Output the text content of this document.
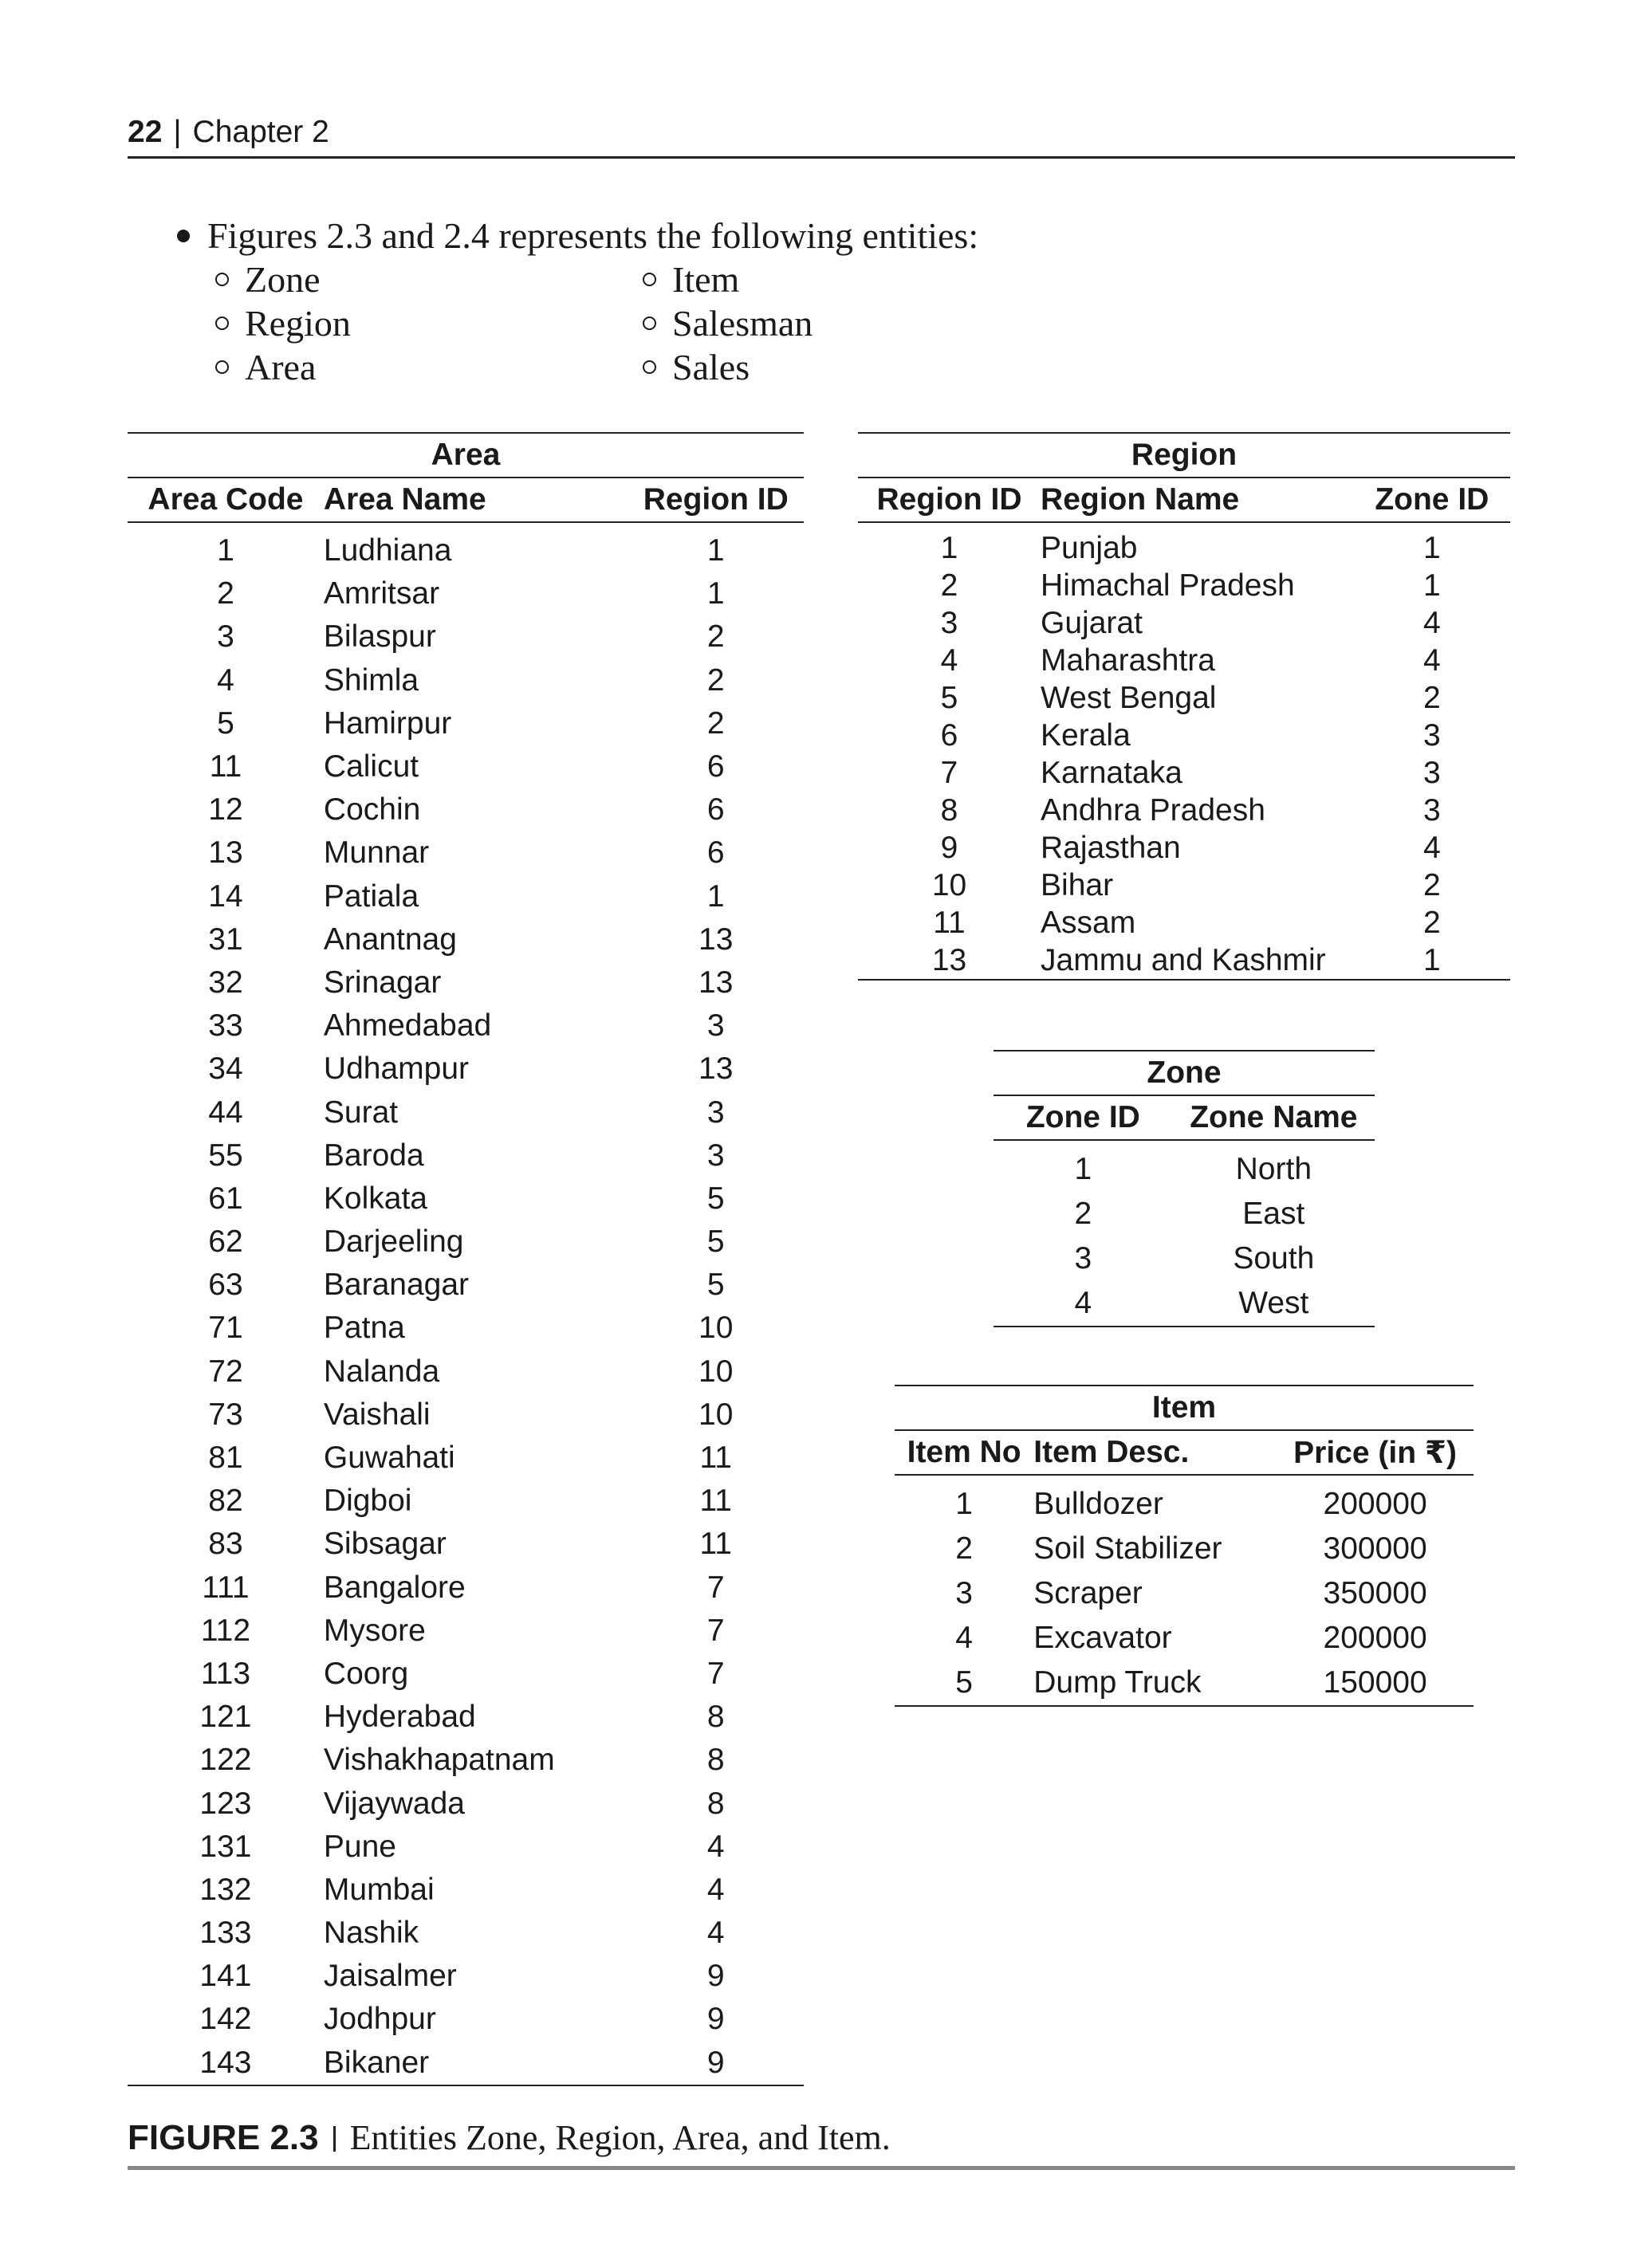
22 | Chapter 2
Figures 2.3 and 2.4 represents the following entities:
Zone	Item
Region	Salesman
Area	Sales
Area		
Area Code	Area Name	Region ID
1	Ludhiana	1
2	Amritsar	1
3	Bilaspur	2
4	Shimla	2
5	Hamirpur	2
11	Calicut	6
12	Cochin	6
13	Munnar	6
14	Patiala	1
31	Anantnag	13
32	Srinagar	13
33	Ahmedabad	3
34	Udhampur	13
44	Surat	3
55	Baroda	3
61	Kolkata	5
62	Darjeeling	5
63	Baranagar	5
71	Patna	10
72	Nalanda	10
73	Vaishali	10
81	Guwahati	11
82	Digboi	11
83	Sibsagar	11
111	Bangalore	7
112	Mysore	7
113	Coorg	7
121	Hyderabad	8
122	Vishakhapatnam	8
123	Vijaywada	8
131	Pune	4
132	Mumbai	4
133	Nashik	4
141	Jaisalmer	9
142	Jodhpur	9
143	Bikaner	9
Region		
Region ID	Region Name	Zone ID
1	Punjab	1
2	Himachal Pradesh	1
3	Gujarat	4
4	Maharashtra	4
5	West Bengal	2
6	Kerala	3
7	Karnataka	3
8	Andhra Pradesh	3
9	Rajasthan	4
10	Bihar	2
11	Assam	2
13	Jammu and Kashmir	1
Zone	
Zone ID	Zone Name
1	North
2	East
3	South
4	West
Item		
Item No	Item Desc.	Price (in ₹)
1	Bulldozer	200000
2	Soil Stabilizer	300000
3	Scraper	350000
4	Excavator	200000
5	Dump Truck	150000
FIGURE 2.3 Entities Zone, Region, Area, and Item.
